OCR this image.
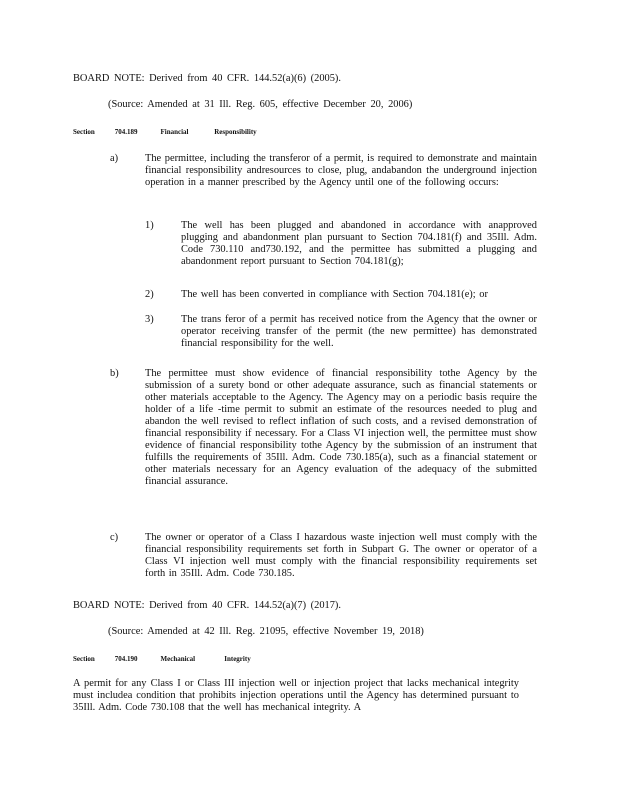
BOARD NOTE: Derived from 40 CFR. 144.52(a)(6) (2005).
(Source: Amended at 31 Ill. Reg. 605, effective December 20, 2006)
Section	704.189	Financial	Responsibility
a)	The permittee, including the transferor of a permit, is required to demonstrate and maintain financial responsibility andresources to close, plug, andabandon the underground injection operation in a manner prescribed by the Agency until one of the following occurs:
1)	The well has been plugged and abandoned in accordance with anapproved plugging and abandonment plan pursuant to Section 704.181(f) and 35Ill. Adm. Code 730.110 and730.192, and the permittee has submitted a plugging and abandonment report pursuant to Section 704.181(g);
2)	The well has been converted in compliance with Section 704.181(e); or
3)	The trans feror of a permit has received notice from the Agency that the owner or operator receiving transfer of the permit (the new permittee) has demonstrated financial responsibility for the well.
b)	The permittee must show evidence of financial responsibility tothe Agency by the submission of a surety bond or other adequate assurance, such as financial statements or other materials acceptable to the Agency. The Agency may on a periodic basis require the holder of a life -time permit to submit an estimate of the resources needed to plug and abandon the well revised to reflect inflation of such costs, and a revised demonstration of financial responsibility if necessary. For a Class VI injection well, the permittee must show evidence of financial responsibility tothe Agency by the submission of an instrument that fulfills the requirements of 35Ill. Adm. Code 730.185(a), such as a financial statement or other materials necessary for an Agency evaluation of the adequacy of the submitted financial assurance.
c)	The owner or operator of a Class I hazardous waste injection well must comply with the financial responsibility requirements set forth in Subpart G. The owner or operator of a Class VI injection well must comply with the financial responsibility requirements set forth in 35Ill. Adm. Code 730.185.
BOARD NOTE: Derived from 40 CFR. 144.52(a)(7) (2017).
(Source: Amended at 42 Ill. Reg. 21095, effective November 19, 2018)
Section	704.190	Mechanical	Integrity
A permit for any Class I or Class III injection well or injection project that lacks mechanical integrity must includea condition that prohibits injection operations until the Agency has determined pursuant to 35Ill. Adm. Code 730.108 that the well has mechanical integrity. A
